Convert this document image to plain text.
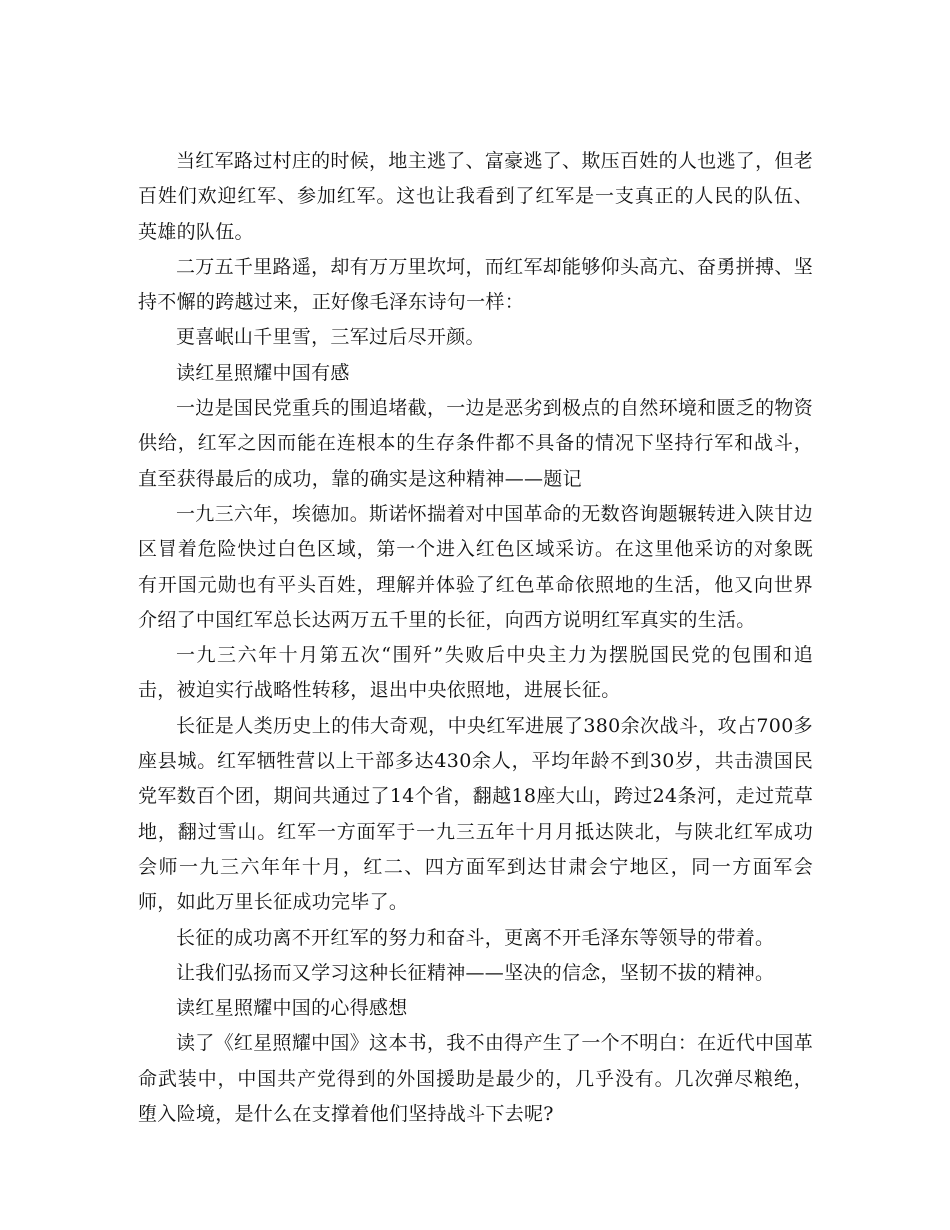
当红军路过村庄的时候，地主逃了、富豪逃了、欺压百姓的人也逃了，但老百姓们欢迎红军、参加红军。这也让我看到了红军是一支真正的人民的队伍、英雄的队伍。

二万五千里路遥，却有万万里坎坷，而红军却能够仰头高亢、奋勇拼搏、坚持不懈的跨越过来，正好像毛泽东诗句一样：

更喜岷山千里雪，三军过后尽开颜。

读红星照耀中国有感

一边是国民党重兵的围追堵截，一边是恶劣到极点的自然环境和匮乏的物资供给，红军之因而能在连根本的生存条件都不具备的情况下坚持行军和战斗，直至获得最后的成功，靠的确实是这种精神——题记

一九三六年，埃德加。斯诺怀揣着对中国革命的无数咨询题辗转进入陕甘边区冒着危险快过白色区域，第一个进入红色区域采访。在这里他采访的对象既有开国元勋也有平头百姓，理解并体验了红色革命依照地的生活，他又向世界介绍了中国红军总长达两万五千里的长征，向西方说明红军真实的生活。

一九三六年十月第五次“围歼”失败后中央主力为摆脱国民党的包围和追击，被迫实行战略性转移，退出中央依照地，进展长征。

长征是人类历史上的伟大奇观，中央红军进展了380余次战斗，攻占700多座县城。红军牺牲营以上干部多达430余人，平均年龄不到30岁，共击溃国民党军数百个团，期间共通过了14个省，翻越18座大山，跨过24条河，走过荒草地，翻过雪山。红军一方面军于一九三五年十月月抵达陕北，与陕北红军成功会师一九三六年年十月，红二、四方面军到达甘肃会宁地区，同一方面军会师，如此万里长征成功完毕了。

长征的成功离不开红军的努力和奋斗，更离不开毛泽东等领导的带着。

让我们弘扬而又学习这种长征精神——坚决的信念，坚韧不拔的精神。

读红星照耀中国的心得感想

读了《红星照耀中国》这本书，我不由得产生了一个不明白：在近代中国革命武装中，中国共产党得到的外国援助是最少的，几乎没有。几次弹尽粮绝，堕入险境，是什么在支撑着他们坚持战斗下去呢?
